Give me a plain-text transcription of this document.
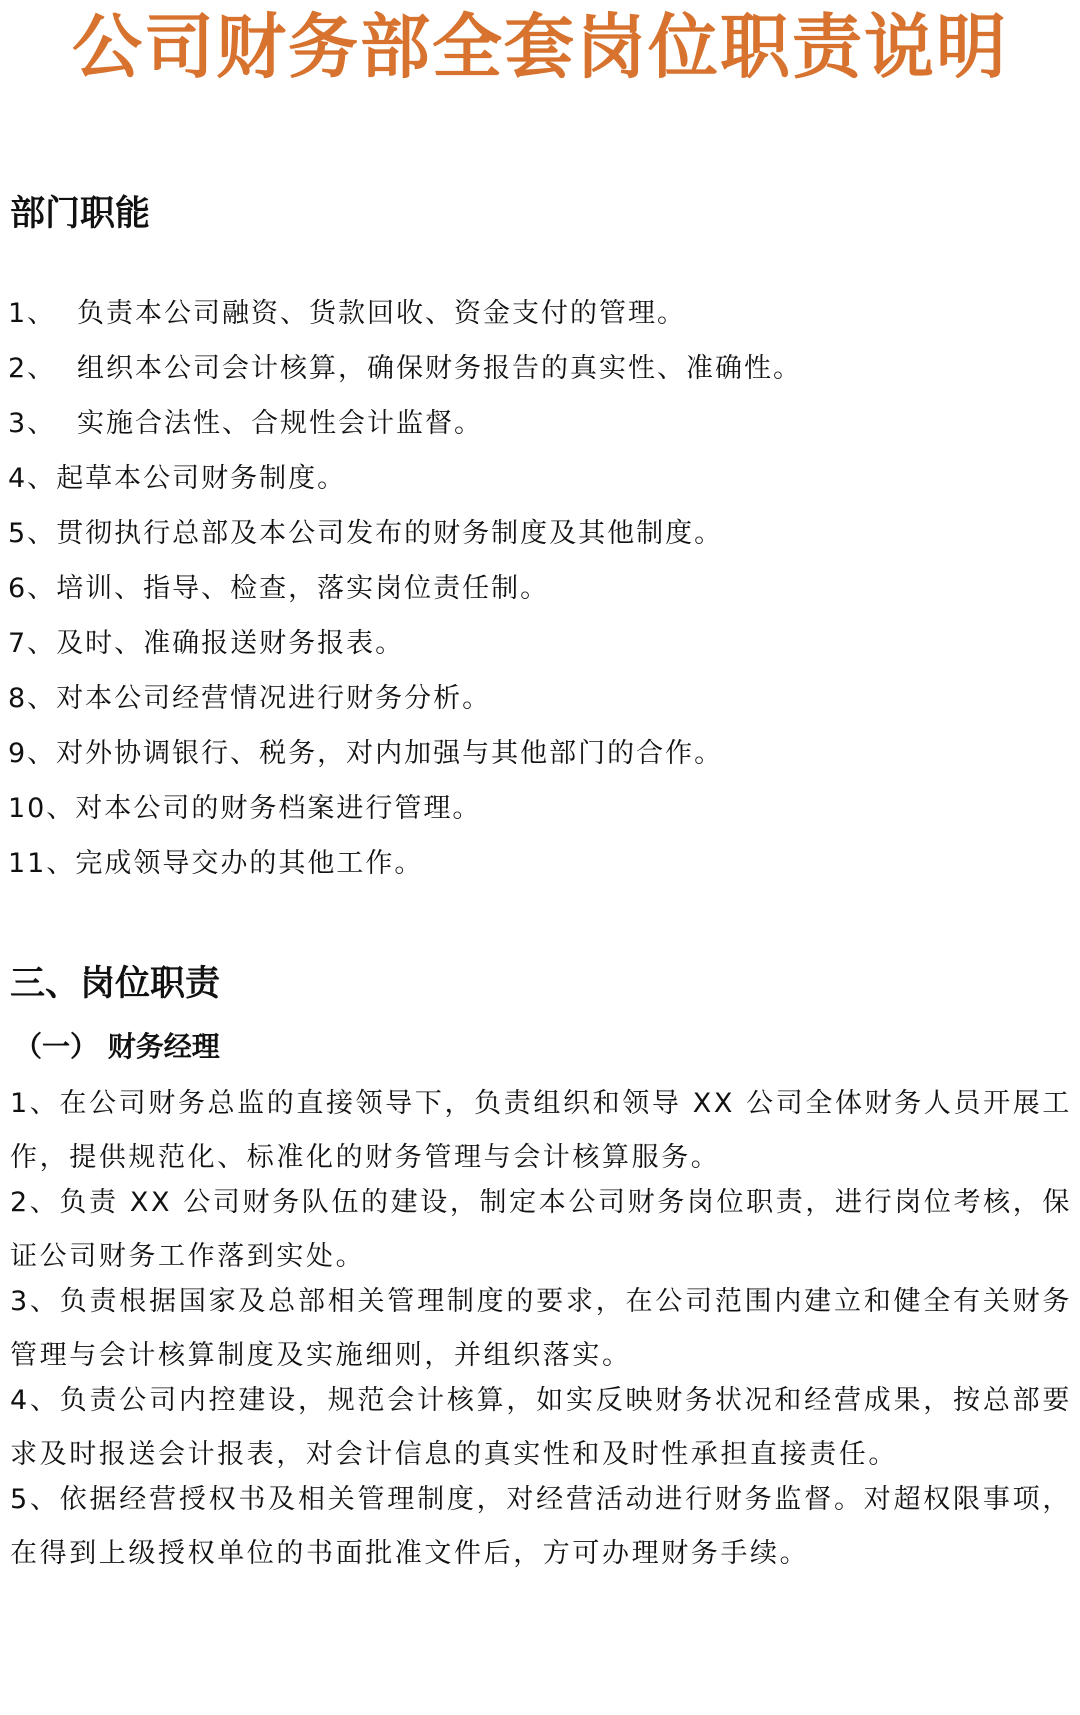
公司财务部全套岗位职责说明
部门职能
1、 负责本公司融资、货款回收、资金支付的管理。
2、 组织本公司会计核算，确保财务报告的真实性、准确性。
3、 实施合法性、合规性会计监督。
4、起草本公司财务制度。
5、贯彻执行总部及本公司发布的财务制度及其他制度。
6、培训、指导、检查，落实岗位责任制。
7、及时、准确报送财务报表。
8、对本公司经营情况进行财务分析。
9、对外协调银行、税务，对内加强与其他部门的合作。
10、对本公司的财务档案进行管理。
11、完成领导交办的其他工作。
三、岗位职责
（一） 财务经理
1、在公司财务总监的直接领导下，负责组织和领导 XX 公司全体财务人员开展工作，提供规范化、标准化的财务管理与会计核算服务。
2、负责 XX 公司财务队伍的建设，制定本公司财务岗位职责，进行岗位考核，保证公司财务工作落到实处。
3、负责根据国家及总部相关管理制度的要求，在公司范围内建立和健全有关财务管理与会计核算制度及实施细则，并组织落实。
4、负责公司内控建设，规范会计核算，如实反映财务状况和经营成果，按总部要求及时报送会计报表，对会计信息的真实性和及时性承担直接责任。
5、依据经营授权书及相关管理制度，对经营活动进行财务监督。对超权限事项，在得到上级授权单位的书面批准文件后，方可办理财务手续。
